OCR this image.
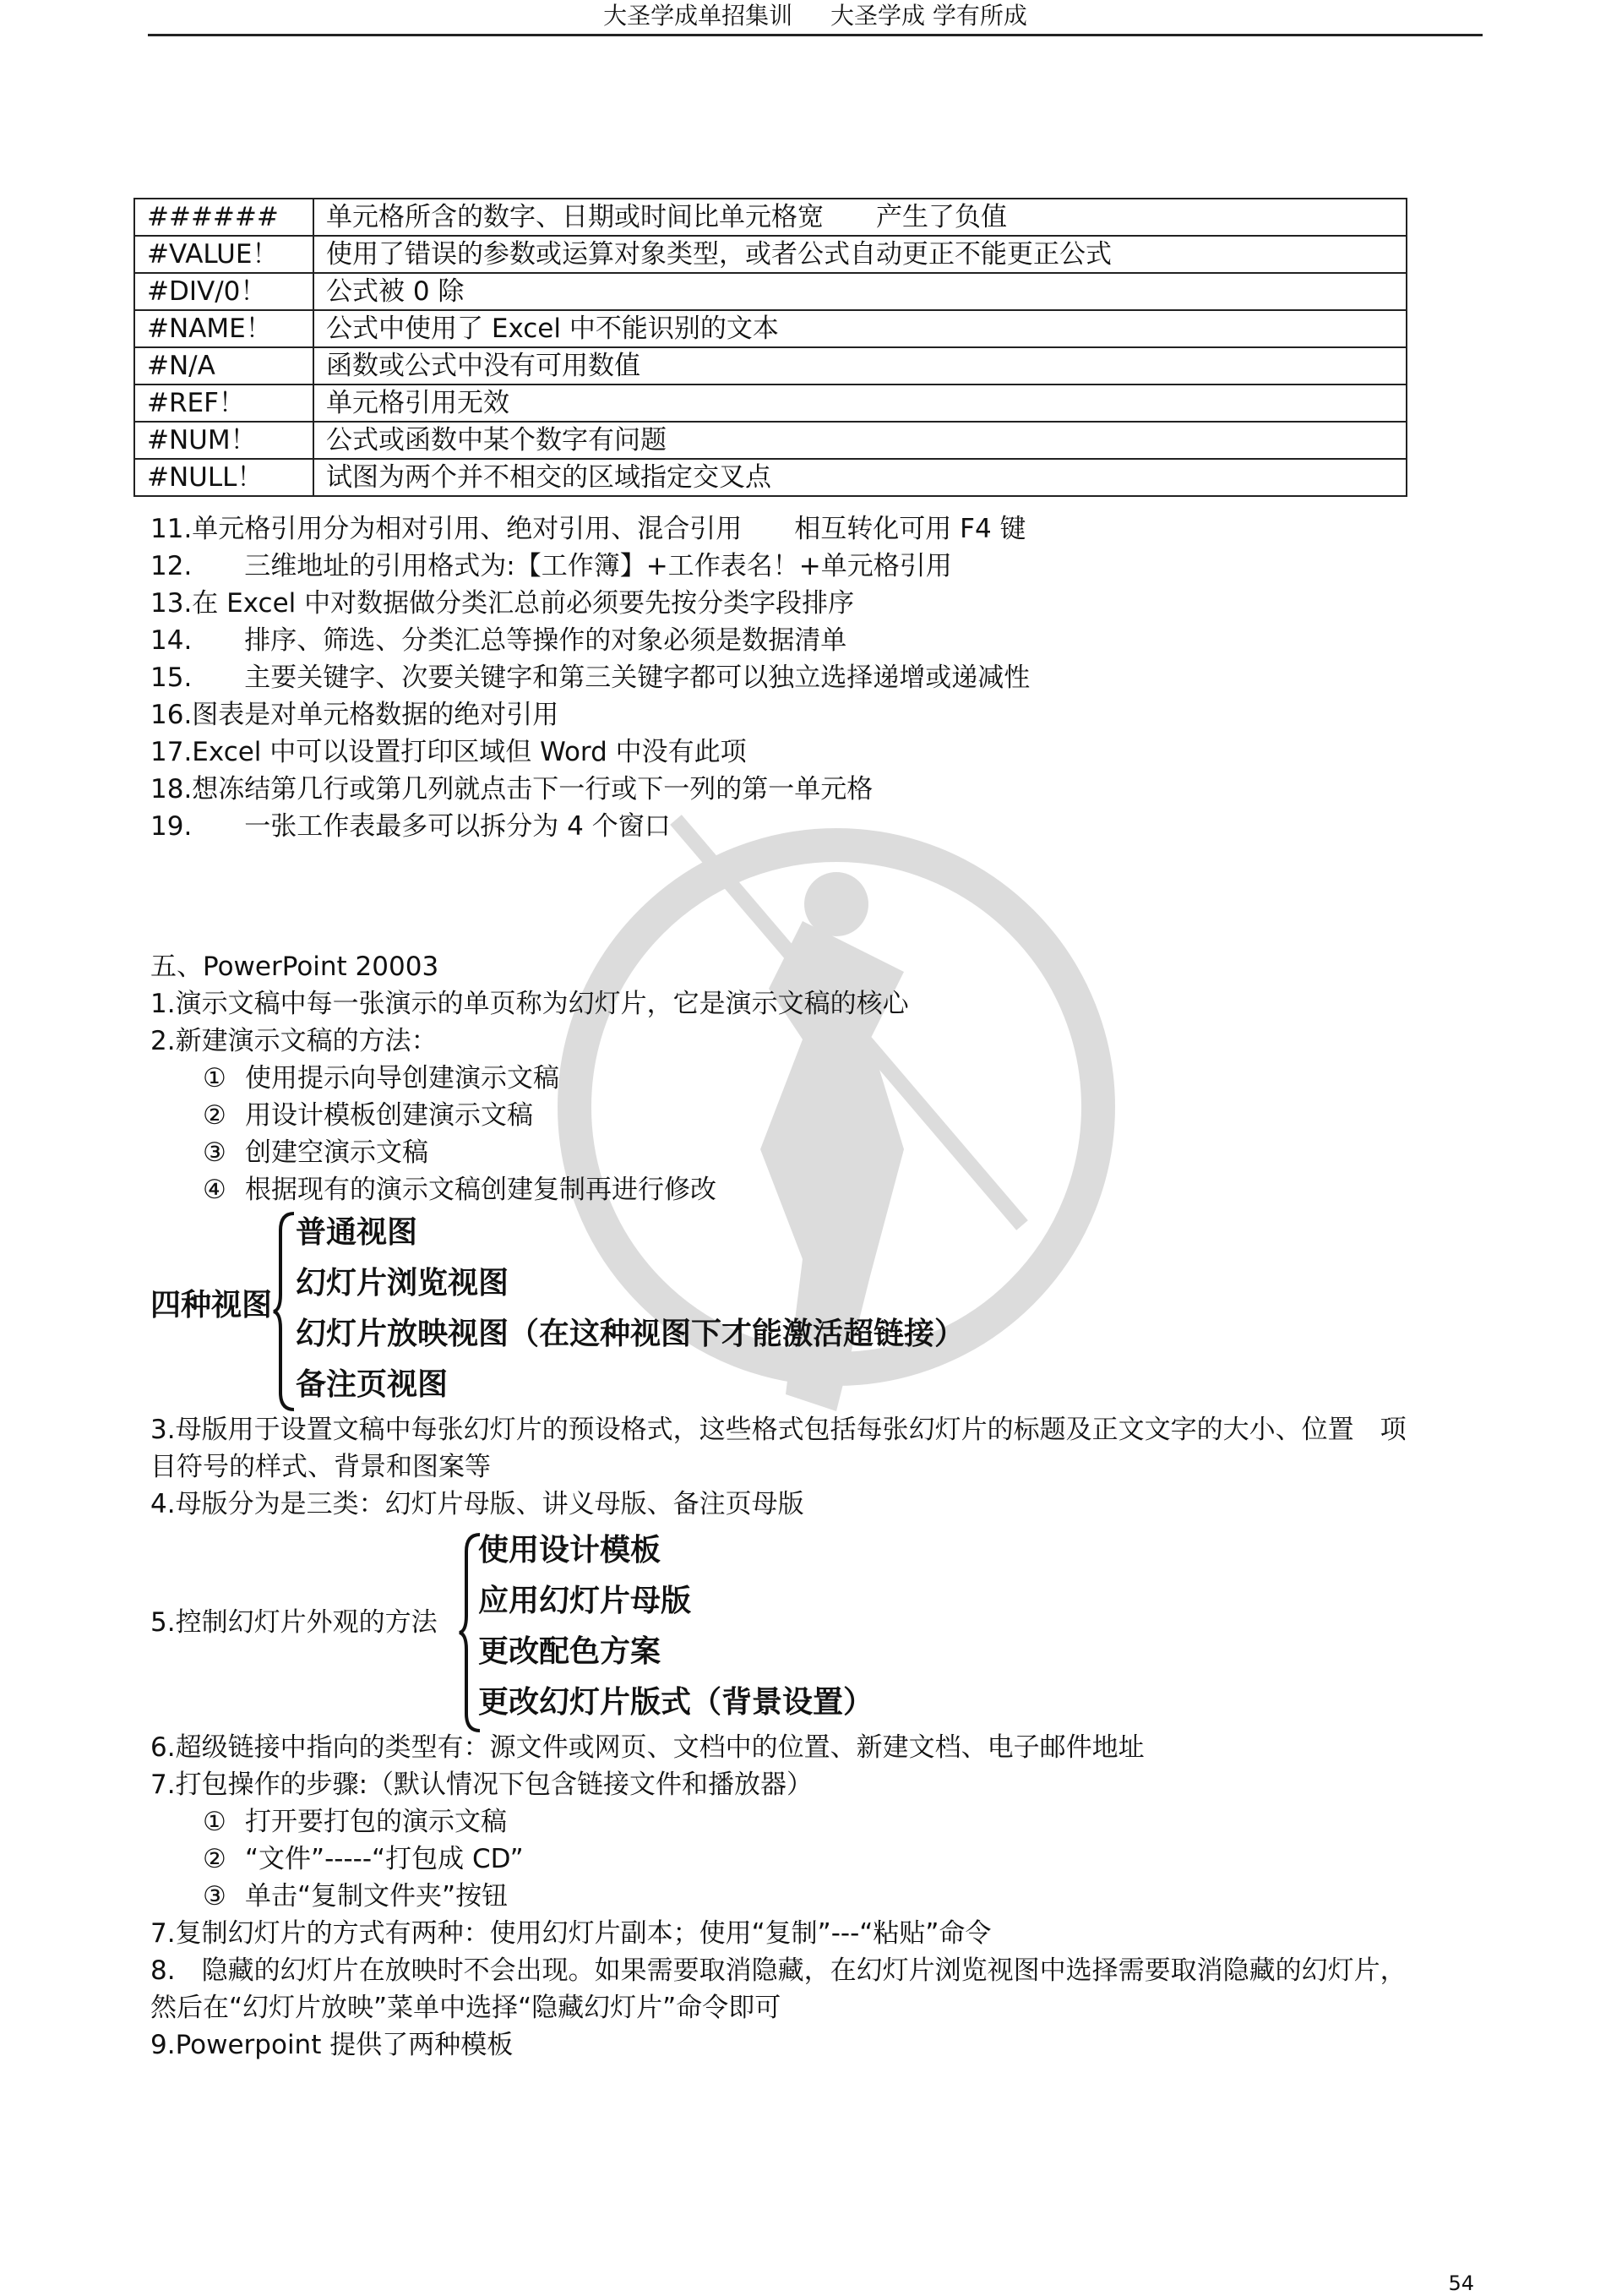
大圣学成单招集训 大圣学成 学有所成
######	单元格所含的数字、日期或时间比单元格宽　　产生了负值
#VALUE！	使用了错误的参数或运算对象类型，或者公式自动更正不能更正公式
#DIV/0！	公式被 0 除
#NAME！	公式中使用了 Excel 中不能识别的文本
#N/A	函数或公式中没有可用数值
#REF！	单元格引用无效
#NUM！	公式或函数中某个数字有问题
#NULL！	试图为两个并不相交的区域指定交叉点
11.单元格引用分为相对引用、绝对引用、混合引用　　相互转化可用 F4 键
12.　　三维地址的引用格式为:【工作簿】+工作表名！+单元格引用
13.在 Excel 中对数据做分类汇总前必须要先按分类字段排序
14.　　排序、筛选、分类汇总等操作的对象必须是数据清单
15.　　主要关键字、次要关键字和第三关键字都可以独立选择递增或递减性
16.图表是对单元格数据的绝对引用
17.Excel 中可以设置打印区域但 Word 中没有此项
18.想冻结第几行或第几列就点击下一行或下一列的第一单元格
19.　　一张工作表最多可以拆分为 4 个窗口
五、PowerPoint 20003
1.演示文稿中每一张演示的单页称为幻灯片，它是演示文稿的核心
2.新建演示文稿的方法：
① 使用提示向导创建演示文稿
② 用设计模板创建演示文稿
③ 创建空演示文稿
④ 根据现有的演示文稿创建复制再进行修改
四种视图
普通视图
幻灯片浏览视图
幻灯片放映视图（在这种视图下才能激活超链接）
备注页视图
3.母版用于设置文稿中每张幻灯片的预设格式，这些格式包括每张幻灯片的标题及正文文字的大小、位置　项
目符号的样式、背景和图案等
4.母版分为是三类：幻灯片母版、讲义母版、备注页母版
5.控制幻灯片外观的方法
使用设计模板
应用幻灯片母版
更改配色方案
更改幻灯片版式（背景设置）
6.超级链接中指向的类型有：源文件或网页、文档中的位置、新建文档、电子邮件地址
7.打包操作的步骤:（默认情况下包含链接文件和播放器）
① 打开要打包的演示文稿
② “文件”-----“打包成 CD”
③ 单击“复制文件夹”按钮
7.复制幻灯片的方式有两种：使用幻灯片副本；使用“复制”---“粘贴”命令
8.　隐藏的幻灯片在放映时不会出现。如果需要取消隐藏，在幻灯片浏览视图中选择需要取消隐藏的幻灯片，
然后在“幻灯片放映”菜单中选择“隐藏幻灯片”命令即可
9.Powerpoint 提供了两种模板
54
